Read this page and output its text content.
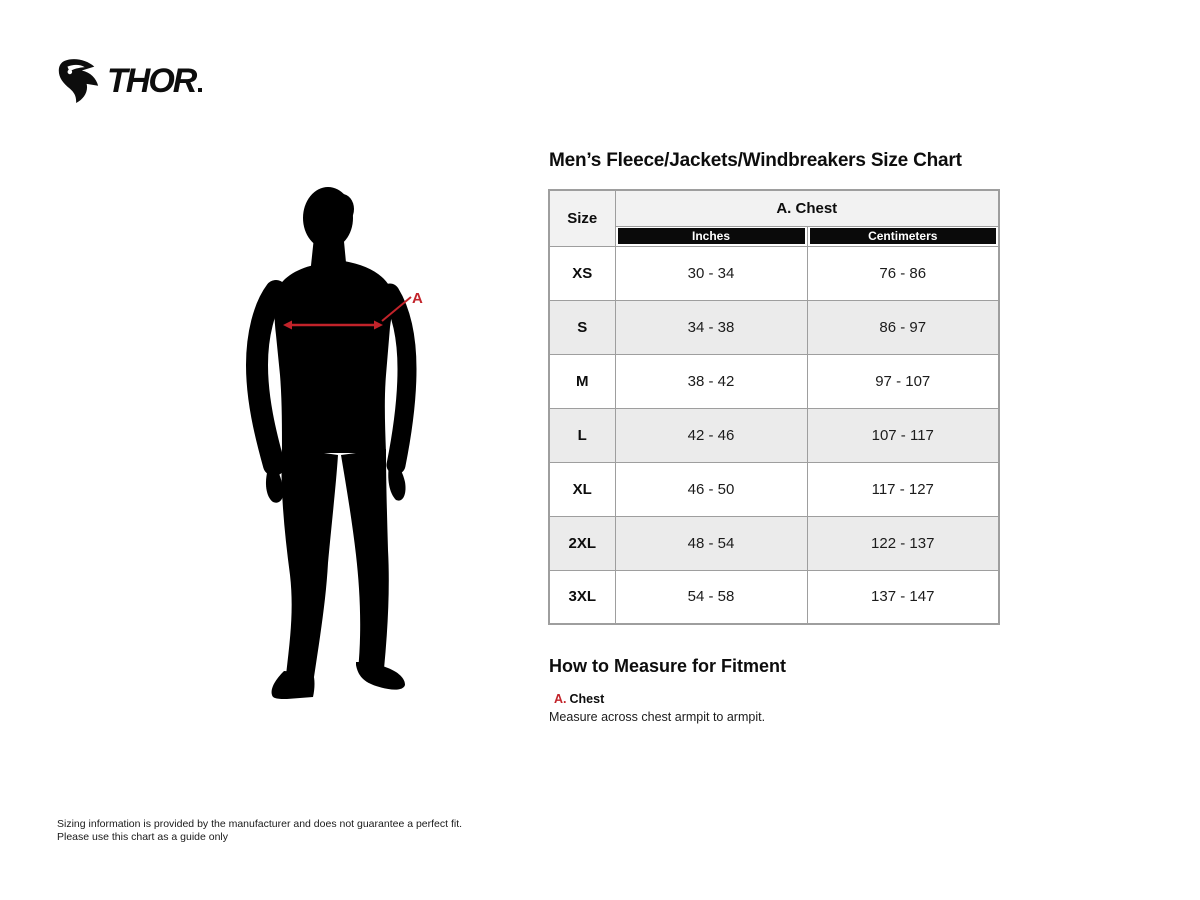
THOR
A
Men’s Fleece/Jackets/Windbreakers Size Chart
Size	A. Chest	

	Inches	Centimeters

XS	30 - 34	76 - 86
S	34 - 38	86 - 97
M	38 - 42	97 - 107
L	42 - 46	107 - 117
XL	46 - 50	117 - 127
2XL	48 - 54	122 - 137
3XL	54 - 58	137 - 147
How to Measure for Fitment
A. Chest
Measure across chest armpit to armpit.
Sizing information is provided by the manufacturer and does not guarantee a perfect fit.
Please use this chart as a guide only
